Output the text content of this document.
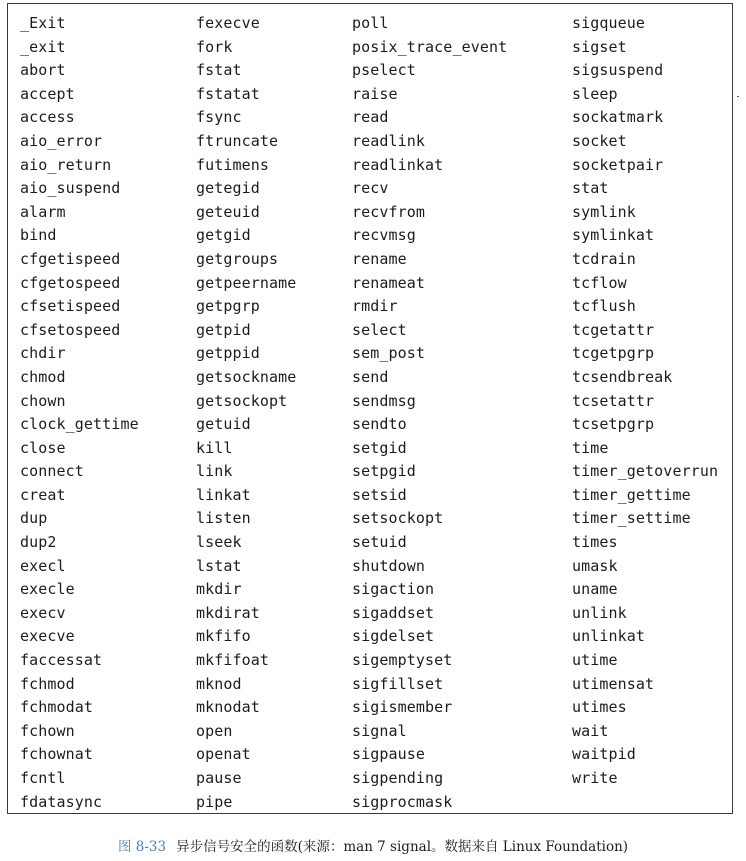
_Exit
_exit
abort
accept
access
aio_error
aio_return
aio_suspend
alarm
bind
cfgetispeed
cfgetospeed
cfsetispeed
cfsetospeed
chdir
chmod
chown
clock_gettime
close
connect
creat
dup
dup2
execl
execle
execv
execve
faccessat
fchmod
fchmodat
fchown
fchownat
fcntl
fdatasync
fexecve
fork
fstat
fstatat
fsync
ftruncate
futimens
getegid
geteuid
getgid
getgroups
getpeername
getpgrp
getpid
getppid
getsockname
getsockopt
getuid
kill
link
linkat
listen
lseek
lstat
mkdir
mkdirat
mkfifo
mkfifoat
mknod
mknodat
open
openat
pause
pipe
poll
posix_trace_event
pselect
raise
read
readlink
readlinkat
recv
recvfrom
recvmsg
rename
renameat
rmdir
select
sem_post
send
sendmsg
sendto
setgid
setpgid
setsid
setsockopt
setuid
shutdown
sigaction
sigaddset
sigdelset
sigemptyset
sigfillset
sigismember
signal
sigpause
sigpending
sigprocmask
sigqueue
sigset
sigsuspend
sleep
sockatmark
socket
socketpair
stat
symlink
symlinkat
tcdrain
tcflow
tcflush
tcgetattr
tcgetpgrp
tcsendbreak
tcsetattr
tcsetpgrp
time
timer_getoverrun
timer_gettime
timer_settime
times
umask
uname
unlink
unlinkat
utime
utimensat
utimes
wait
waitpid
write
图 8-33 异步信号安全的函数(来源：man 7 signal。数据来自 Linux Foundation)
